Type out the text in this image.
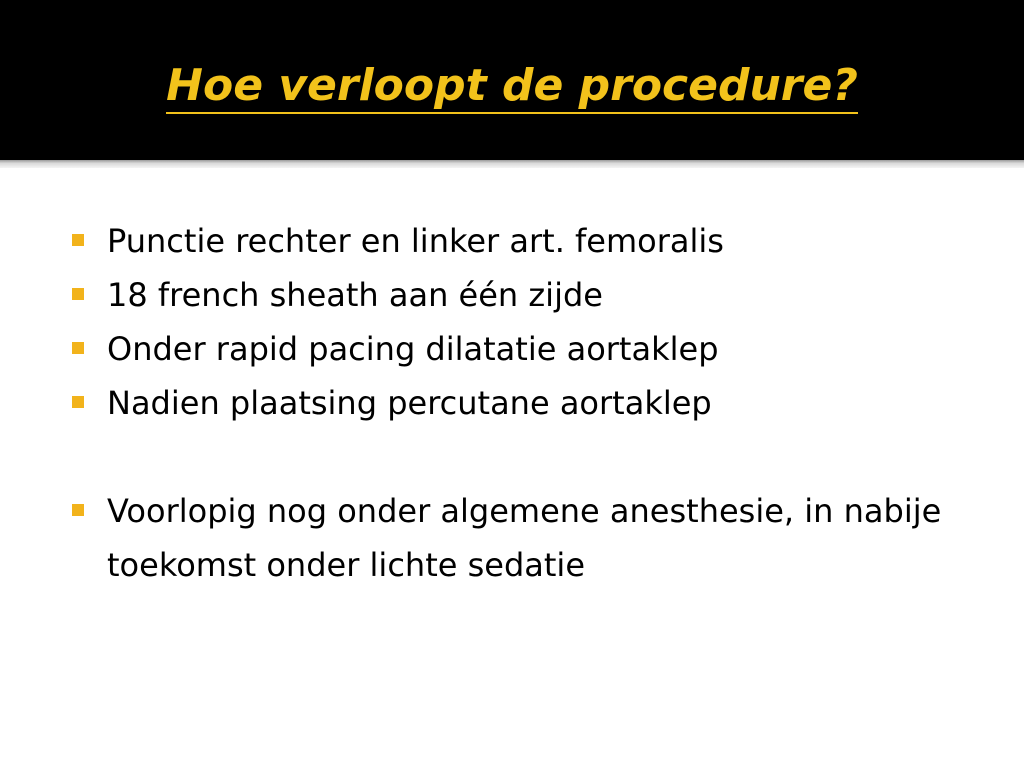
Hoe verloopt de procedure?
Punctie rechter en linker art. femoralis
18 french sheath aan één zijde
Onder rapid pacing dilatatie aortaklep
Nadien plaatsing percutane aortaklep
Voorlopig nog onder algemene anesthesie, in nabije toekomst onder lichte sedatie
